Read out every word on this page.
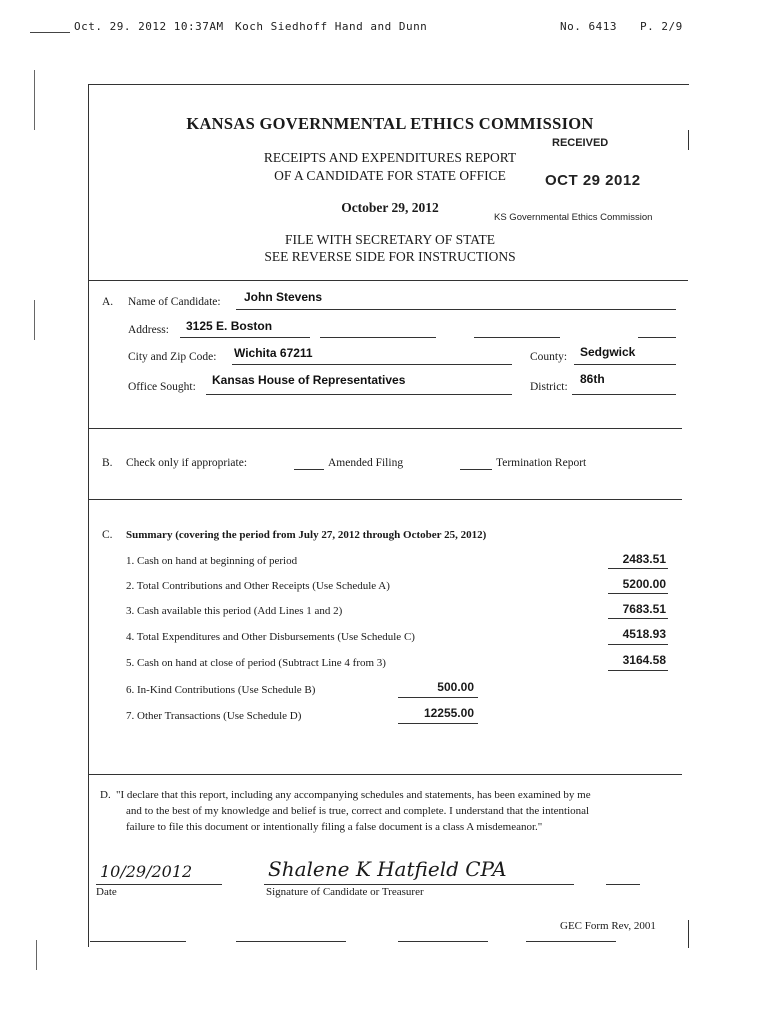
Oct. 29. 2012 10:37AM Koch Siedhoff Hand and Dunn	No. 6413 P. 2/9
KANSAS GOVERNMENTAL ETHICS COMMISSION
RECEIPTS AND EXPENDITURES REPORT
OF A CANDIDATE FOR STATE OFFICE
October 29, 2012
FILE WITH SECRETARY OF STATE
SEE REVERSE SIDE FOR INSTRUCTIONS
RECEIVED
OCT 29 2012
KS Governmental Ethics Commission
A. Name of Candidate: John Stevens
Address: 3125 E. Boston
City and Zip Code: Wichita 67211	County: Sedgwick
Office Sought: Kansas House of Representatives	District:
86th
B. Check only if appropriate:	Amended Filing	Termination Report
C. Summary (covering the period from July 27, 2012 through October 25, 2012)
1. Cash on hand at beginning of period	2483.51
2. Total Contributions and Other Receipts (Use Schedule A)	5200.00
3. Cash available this period (Add Lines 1 and 2)	7683.51
4. Total Expenditures and Other Disbursements (Use Schedule C)	4518.93
5. Cash on hand at close of period (Subtract Line 4 from 3)	3164.58
6. In-Kind Contributions (Use Schedule B)	500.00
7. Other Transactions (Use Schedule D)	12255.00
D. "I declare that this report, including any accompanying schedules and statements, has been examined by me
and to the best of my knowledge and belief is true, correct and complete. I understand that the intentional
failure to file this document or intentionally filing a false document is a class A misdemeanor."
10/29/2012
Date
Shalene K Hatfield CPA
Signature of Candidate or Treasurer
GEC Form Rev, 2001
